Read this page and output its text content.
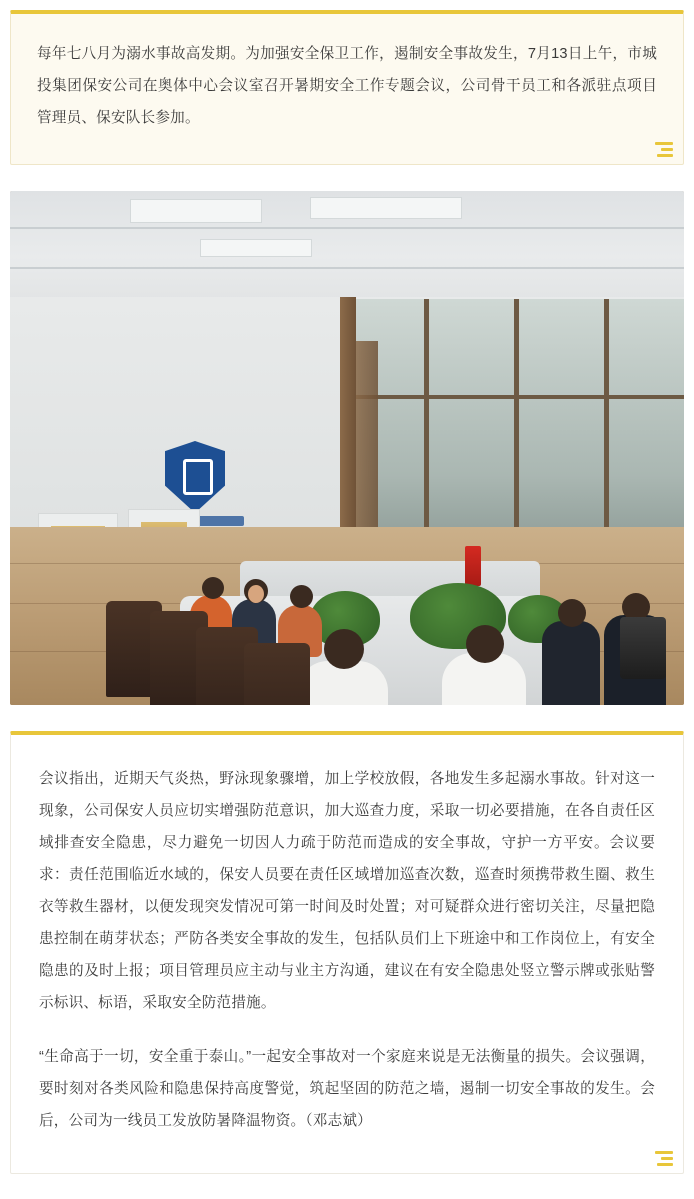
每年七八月为溺水事故高发期。为加强安全保卫工作，遏制安全事故发生，7月13日上午，市城投集团保安公司在奥体中心会议室召开暑期安全工作专题会议，公司骨干员工和各派驻点项目管理员、保安队长参加。

会议指出，近期天气炎热，野泳现象骤增，加上学校放假，各地发生多起溺水事故。针对这一现象，公司保安人员应切实增强防范意识，加大巡查力度，采取一切必要措施，在各自责任区域排查安全隐患，尽力避免一切因人力疏于防范而造成的安全事故，守护一方平安。会议要求：责任范围临近水域的，保安人员要在责任区域增加巡查次数，巡查时须携带救生圈、救生衣等救生器材，以便发现突发情况可第一时间及时处置；对可疑群众进行密切关注，尽量把隐患控制在萌芽状态；严防各类安全事故的发生，包括队员们上下班途中和工作岗位上，有安全隐患的及时上报；项目管理员应主动与业主方沟通，建议在有安全隐患处竖立警示牌或张贴警示标识、标语，采取安全防范措施。

“生命高于一切，安全重于泰山。”一起安全事故对一个家庭来说是无法衡量的损失。会议强调，要时刻对各类风险和隐患保持高度警觉，筑起坚固的防范之墙，遏制一切安全事故的发生。会后，公司为一线员工发放防暑降温物资。（邓志斌）
